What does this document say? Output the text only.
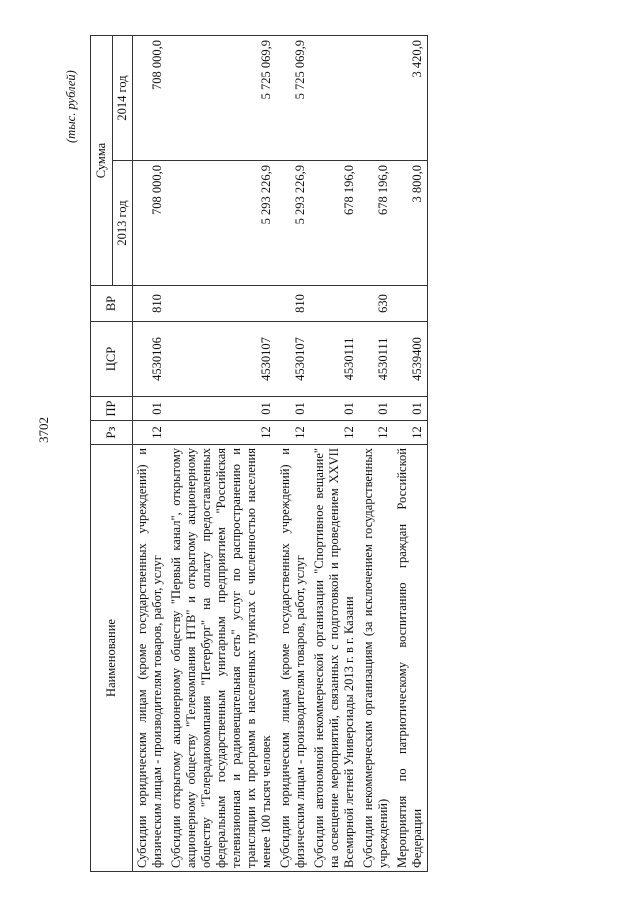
3702
(тыс. рублей)
Наименование	Рз	ПР	ЦСР	ВР	Сумма	
					2013 год	2014 год
Субсидии юридическим лицам (кроме государственных учреждений) и физическим лицам - производителям товаров, работ, услуг	12	01	4530106	810	708 000,0	708 000,0
Субсидии открытому акционерному обществу "Первый канал", открытому акционерному обществу "Телекомпания НТВ" и открытому акционерному обществу "Телерадиокомпания "Петербург" на оплату предоставленных федеральным государственным унитарным предприятием "Российская телевизионная и радиовещательная сеть" услуг по распространению и трансляции их программ в населенных пунктах с численностью населения менее 100 тысяч человек	12	01	4530107		5 293 226,9	5 725 069,9
Субсидии юридическим лицам (кроме государственных учреждений) и физическим лицам - производителям товаров, работ, услуг	12	01	4530107	810	5 293 226,9	5 725 069,9
Субсидии автономной некоммерческой организации "Спортивное вещание" на освещение мероприятий, связанных с подготовкой и проведением XXVII Всемирной летней Универсиады 2013 г. в г. Казани	12	01	4530111		678 196,0	
Субсидии некоммерческим организациям (за исключением государственных учреждений)	12	01	4530111	630	678 196,0	
Мероприятия по патриотическому воспитанию граждан Российской Федерации	12	01	4539400		3 800,0	3 420,0
